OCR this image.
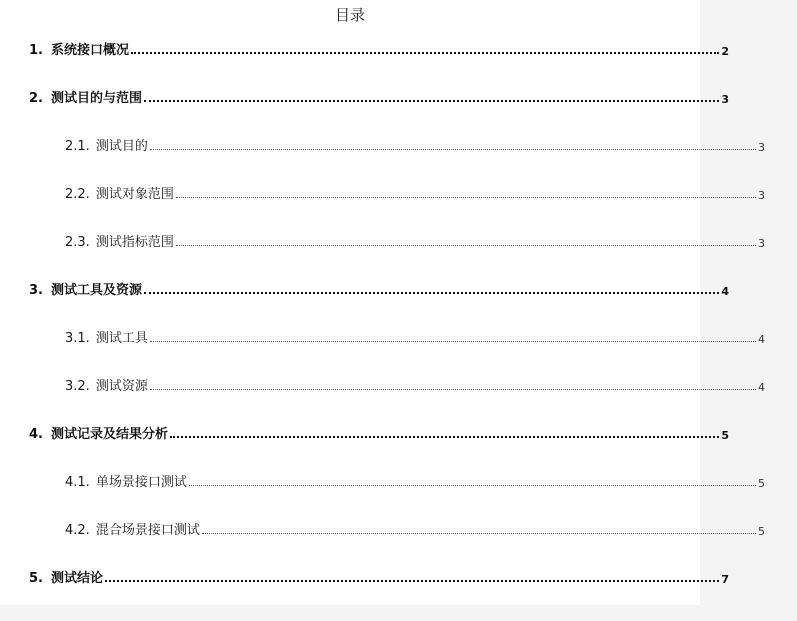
目录
1. 系统接口概况	2
2. 测试目的与范围	3
2.1. 测试目的	3
2.2. 测试对象范围	3
2.3. 测试指标范围	3
3. 测试工具及资源	4
3.1. 测试工具	4
3.2. 测试资源	4
4. 测试记录及结果分析	5
4.1. 单场景接口测试	5
4.2. 混合场景接口测试	5
5. 测试结论	7
